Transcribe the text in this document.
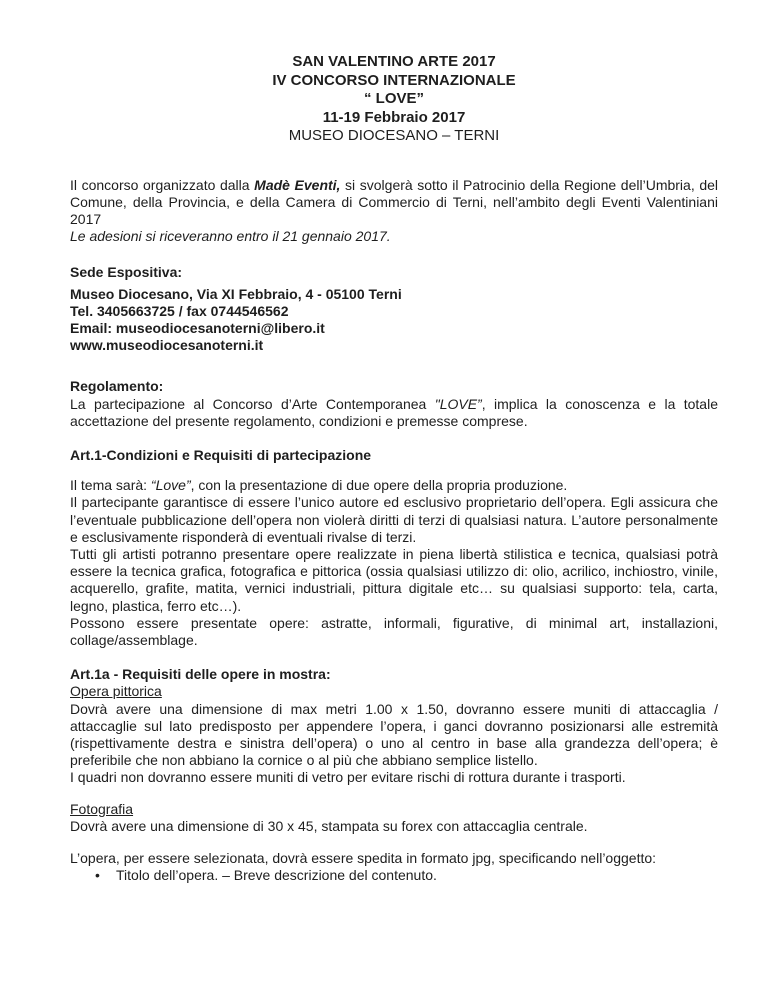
SAN VALENTINO ARTE 2017
IV CONCORSO INTERNAZIONALE
“ LOVE”
11-19 Febbraio 2017
MUSEO DIOCESANO – TERNI
Il concorso organizzato dalla Madè Eventi, si svolgerà sotto il Patrocinio della Regione dell’Umbria, del Comune, della Provincia, e della Camera di Commercio di Terni, nell’ambito degli Eventi Valentiniani 2017
Le adesioni si riceveranno entro il 21 gennaio 2017.
Sede Espositiva:
Museo Diocesano, Via XI Febbraio, 4 - 05100 Terni
Tel. 3405663725 / fax 0744546562
Email: museodiocesanoterni@libero.it
www.museodiocesanoterni.it
Regolamento:
La partecipazione al Concorso d’Arte Contemporanea "LOVE”, implica la conoscenza e la totale accettazione del presente regolamento, condizioni e premesse comprese.
Art.1-Condizioni e Requisiti di partecipazione
Il tema sarà: “Love”, con la presentazione di due opere della propria produzione.
Il partecipante garantisce di essere l’unico autore ed esclusivo proprietario dell’opera. Egli assicura che l’eventuale pubblicazione dell’opera non violerà diritti di terzi di qualsiasi natura. L’autore personalmente e esclusivamente risponderà di eventuali rivalse di terzi.
Tutti gli artisti potranno presentare opere realizzate in piena libertà stilistica e tecnica, qualsiasi potrà essere la tecnica grafica, fotografica e pittorica (ossia qualsiasi utilizzo di: olio, acrilico, inchiostro, vinile, acquerello, grafite, matita, vernici industriali, pittura digitale etc… su qualsiasi supporto: tela, carta, legno, plastica, ferro etc…).
Possono essere presentate opere: astratte, informali, figurative, di minimal art, installazioni, collage/assemblage.
Art.1a - Requisiti delle opere in mostra:
Opera pittorica
Dovrà avere una dimensione di max metri 1.00 x 1.50, dovranno essere muniti di attaccaglia / attaccaglie sul lato predisposto per appendere l’opera, i ganci dovranno posizionarsi alle estremità (rispettivamente destra e sinistra dell’opera) o uno al centro in base alla grandezza dell’opera; è preferibile che non abbiano la cornice o al più che abbiano semplice listello.
I quadri non dovranno essere muniti di vetro per evitare rischi di rottura durante i trasporti.
Fotografia
Dovrà avere una dimensione di 30 x 45, stampata su forex con attaccaglia centrale.
L’opera, per essere selezionata, dovrà essere spedita in formato jpg, specificando nell’oggetto:
•	Titolo dell’opera. – Breve descrizione del contenuto.
